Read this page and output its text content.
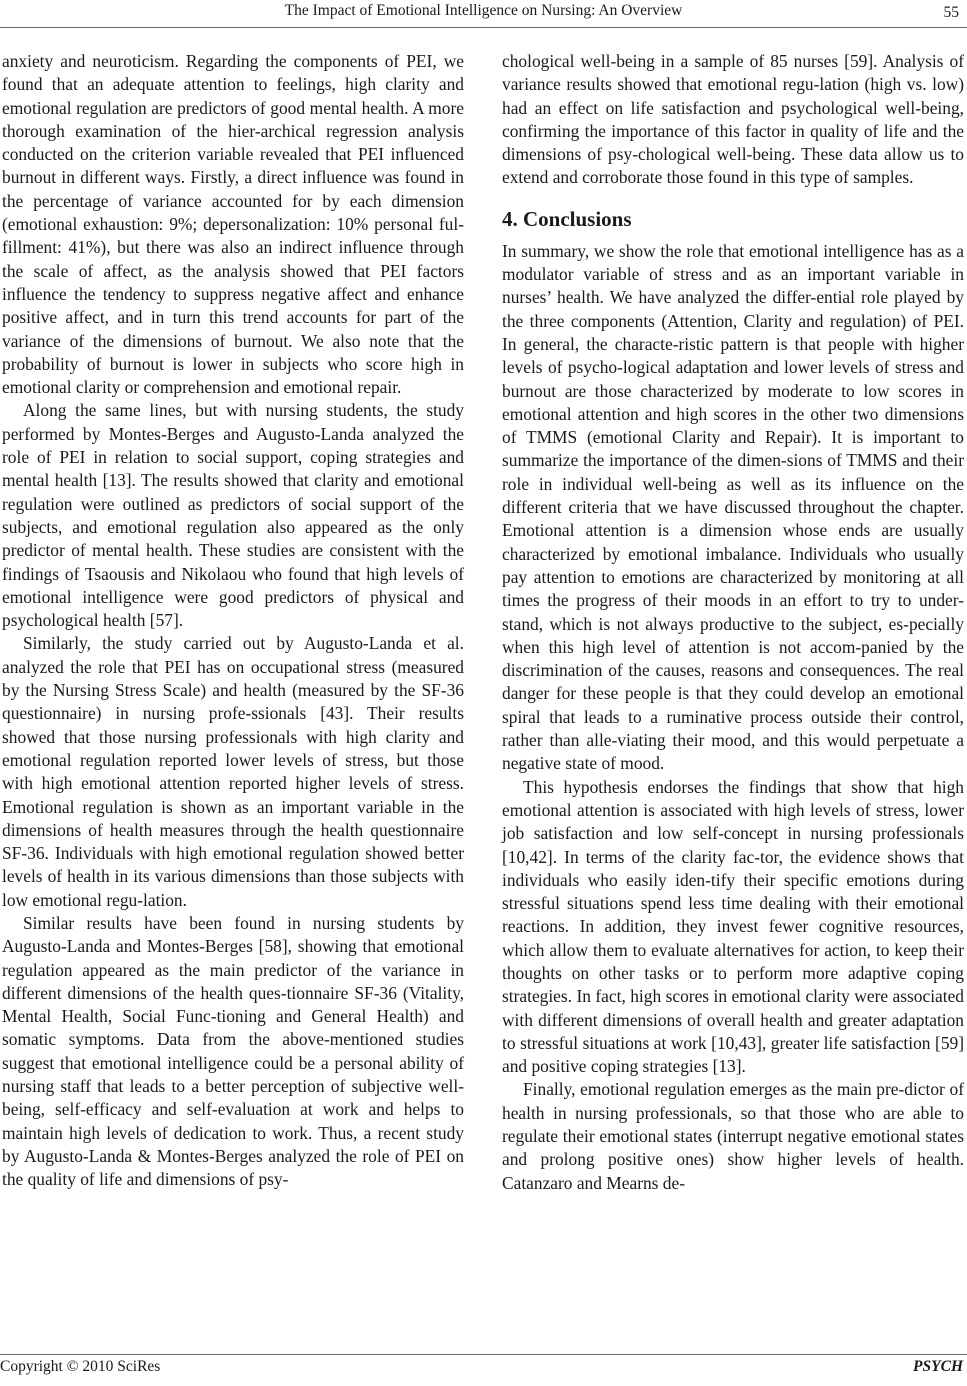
The Impact of Emotional Intelligence on Nursing: An Overview	55

anxiety and neuroticism. Regarding the components of PEI, we found that an adequate attention to feelings, high clarity and emotional regulation are predictors of good mental health. A more thorough examination of the hier-archical regression analysis conducted on the criterion variable revealed that PEI influenced burnout in different ways. Firstly, a direct influence was found in the percentage of variance accounted for by each dimension (emotional exhaustion: 9%; depersonalization: 10% personal ful-fillment: 41%), but there was also an indirect influence through the scale of affect, as the analysis showed that PEI factors influence the tendency to suppress negative affect and enhance positive affect, and in turn this trend accounts for part of the variance of the dimensions of burnout. We also note that the probability of burnout is lower in subjects who score high in emotional clarity or comprehension and emotional repair.

Along the same lines, but with nursing students, the study performed by Montes-Berges and Augusto-Landa analyzed the role of PEI in relation to social support, coping strategies and mental health [13]. The results showed that clarity and emotional regulation were outlined as predictors of social support of the subjects, and emotional regulation also appeared as the only predictor of mental health. These studies are consistent with the findings of Tsaousis and Nikolaou who found that high levels of emotional intelligence were good predictors of physical and psychological health [57].

Similarly, the study carried out by Augusto-Landa et al. analyzed the role that PEI has on occupational stress (measured by the Nursing Stress Scale) and health (measured by the SF-36 questionnaire) in nursing profe-ssionals [43]. Their results showed that those nursing professionals with high clarity and emotional regulation reported lower levels of stress, but those with high emotional attention reported higher levels of stress. Emotional regulation is shown as an important variable in the dimensions of health measures through the health questionnaire SF-36. Individuals with high emotional regulation showed better levels of health in its various dimensions than those subjects with low emotional regu-lation.

Similar results have been found in nursing students by Augusto-Landa and Montes-Berges [58], showing that emotional regulation appeared as the main predictor of the variance in different dimensions of the health ques-tionnaire SF-36 (Vitality, Mental Health, Social Func-tioning and General Health) and somatic symptoms. Data from the above-mentioned studies suggest that emotional intelligence could be a personal ability of nursing staff that leads to a better perception of subjective well-being, self-efficacy and self-evaluation at work and helps to maintain high levels of dedication to work. Thus, a recent study by Augusto-Landa & Montes-Berges analyzed the role of PEI on the quality of life and dimensions of psy-

chological well-being in a sample of 85 nurses [59]. Analysis of variance results showed that emotional regu-lation (high vs. low) had an effect on life satisfaction and psychological well-being, confirming the importance of this factor in quality of life and the dimensions of psy-chological well-being. These data allow us to extend and corroborate those found in this type of samples.

4. Conclusions

In summary, we show the role that emotional intelligence has as a modulator variable of stress and as an important variable in nurses’ health. We have analyzed the differ-ential role played by the three components (Attention, Clarity and regulation) of PEI. In general, the characte-ristic pattern is that people with higher levels of psycho-logical adaptation and lower levels of stress and burnout are those characterized by moderate to low scores in emotional attention and high scores in the other two dimensions of TMMS (emotional Clarity and Repair). It is important to summarize the importance of the dimen-sions of TMMS and their role in individual well-being as well as its influence on the different criteria that we have discussed throughout the chapter. Emotional attention is a dimension whose ends are usually characterized by emotional imbalance. Individuals who usually pay attention to emotions are characterized by monitoring at all times the progress of their moods in an effort to try to under-stand, which is not always productive to the subject, es-pecially when this high level of attention is not accom-panied by the discrimination of the causes, reasons and consequences. The real danger for these people is that they could develop an emotional spiral that leads to a ruminative process outside their control, rather than alle-viating their mood, and this would perpetuate a negative state of mood.

This hypothesis endorses the findings that show that high emotional attention is associated with high levels of stress, lower job satisfaction and low self-concept in nursing professionals [10,42]. In terms of the clarity fac-tor, the evidence shows that individuals who easily iden-tify their specific emotions during stressful situations spend less time dealing with their emotional reactions. In addition, they invest fewer cognitive resources, which allow them to evaluate alternatives for action, to keep their thoughts on other tasks or to perform more adaptive coping strategies. In fact, high scores in emotional clarity were associated with different dimensions of overall health and greater adaptation to stressful situations at work [10,43], greater life satisfaction [59] and positive coping strategies [13].

Finally, emotional regulation emerges as the main pre-dictor of health in nursing professionals, so that those who are able to regulate their emotional states (interrupt negative emotional states and prolong positive ones) show higher levels of health. Catanzaro and Mearns de-

Copyright © 2010 SciRes	PSYCH
